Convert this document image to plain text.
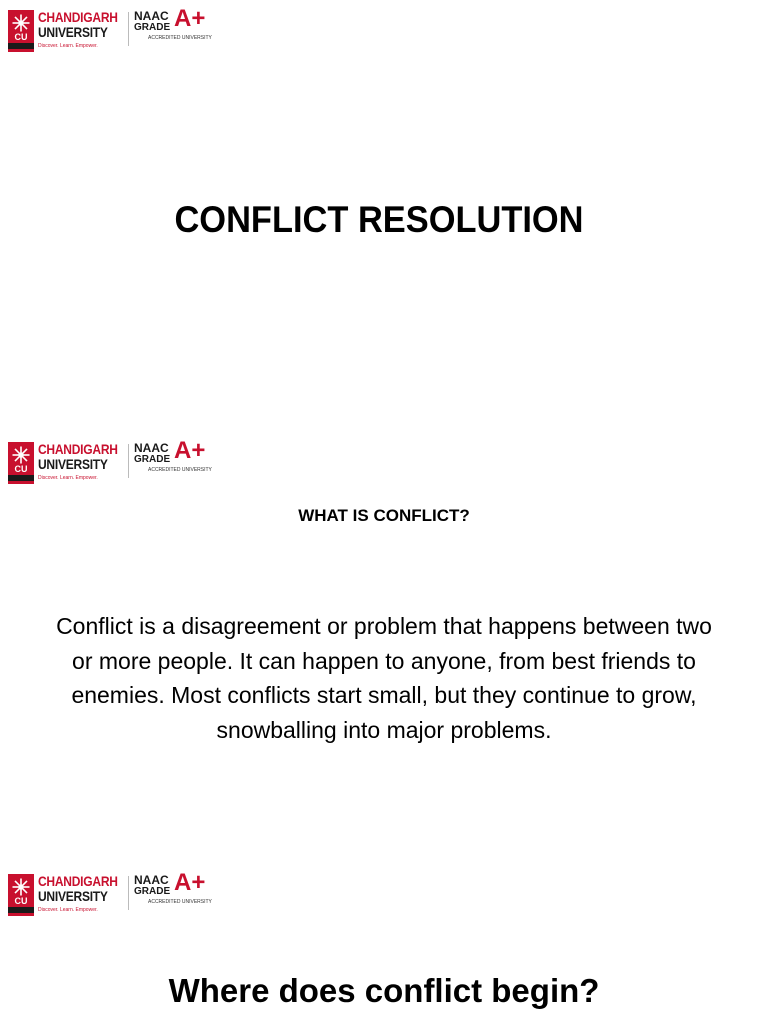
CU
CHANDIGARH
UNIVERSITY
Discover. Learn. Empower.
NAAC
GRADE A+
ACCREDITED UNIVERSITY
CONFLICT RESOLUTION
CU
CHANDIGARH
UNIVERSITY
Discover. Learn. Empower.
NAAC
GRADE A+
ACCREDITED UNIVERSITY
WHAT IS CONFLICT?

Conflict is a disagreement or problem that happens between two or more people. It can happen to anyone, from best friends to enemies. Most conflicts start small, but they continue to grow, snowballing into major problems.

CU
CHANDIGARH
UNIVERSITY
Discover. Learn. Empower.
NAAC
GRADE A+
ACCREDITED UNIVERSITY
Where does conflict begin?
